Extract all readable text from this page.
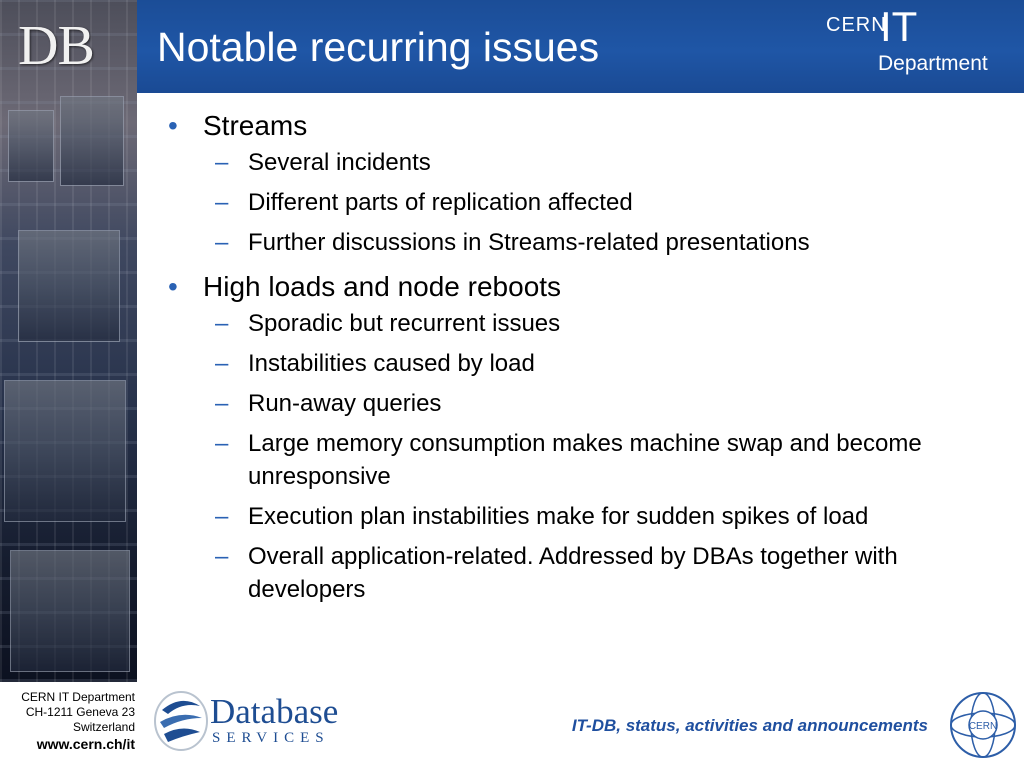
DB Notable recurring issues	CERN
IT
Department
• Streams
– Several incidents
– Different parts of replication affected
– Further discussions in Streams-related presentations
• High loads and node reboots
– Sporadic but recurrent issues
– Instabilities caused by load
– Run-away queries
– Large memory consumption makes machine swap and become unresponsive
– Execution plan instabilities make for sudden spikes of load
– Overall application-related. Addressed by DBAs together with developers
CERN IT Department
CH-1211 Geneva 23
Switzerland
www.cern.ch/it
Database
SERVICES
IT-DB, status, activities and announcements	CERN
